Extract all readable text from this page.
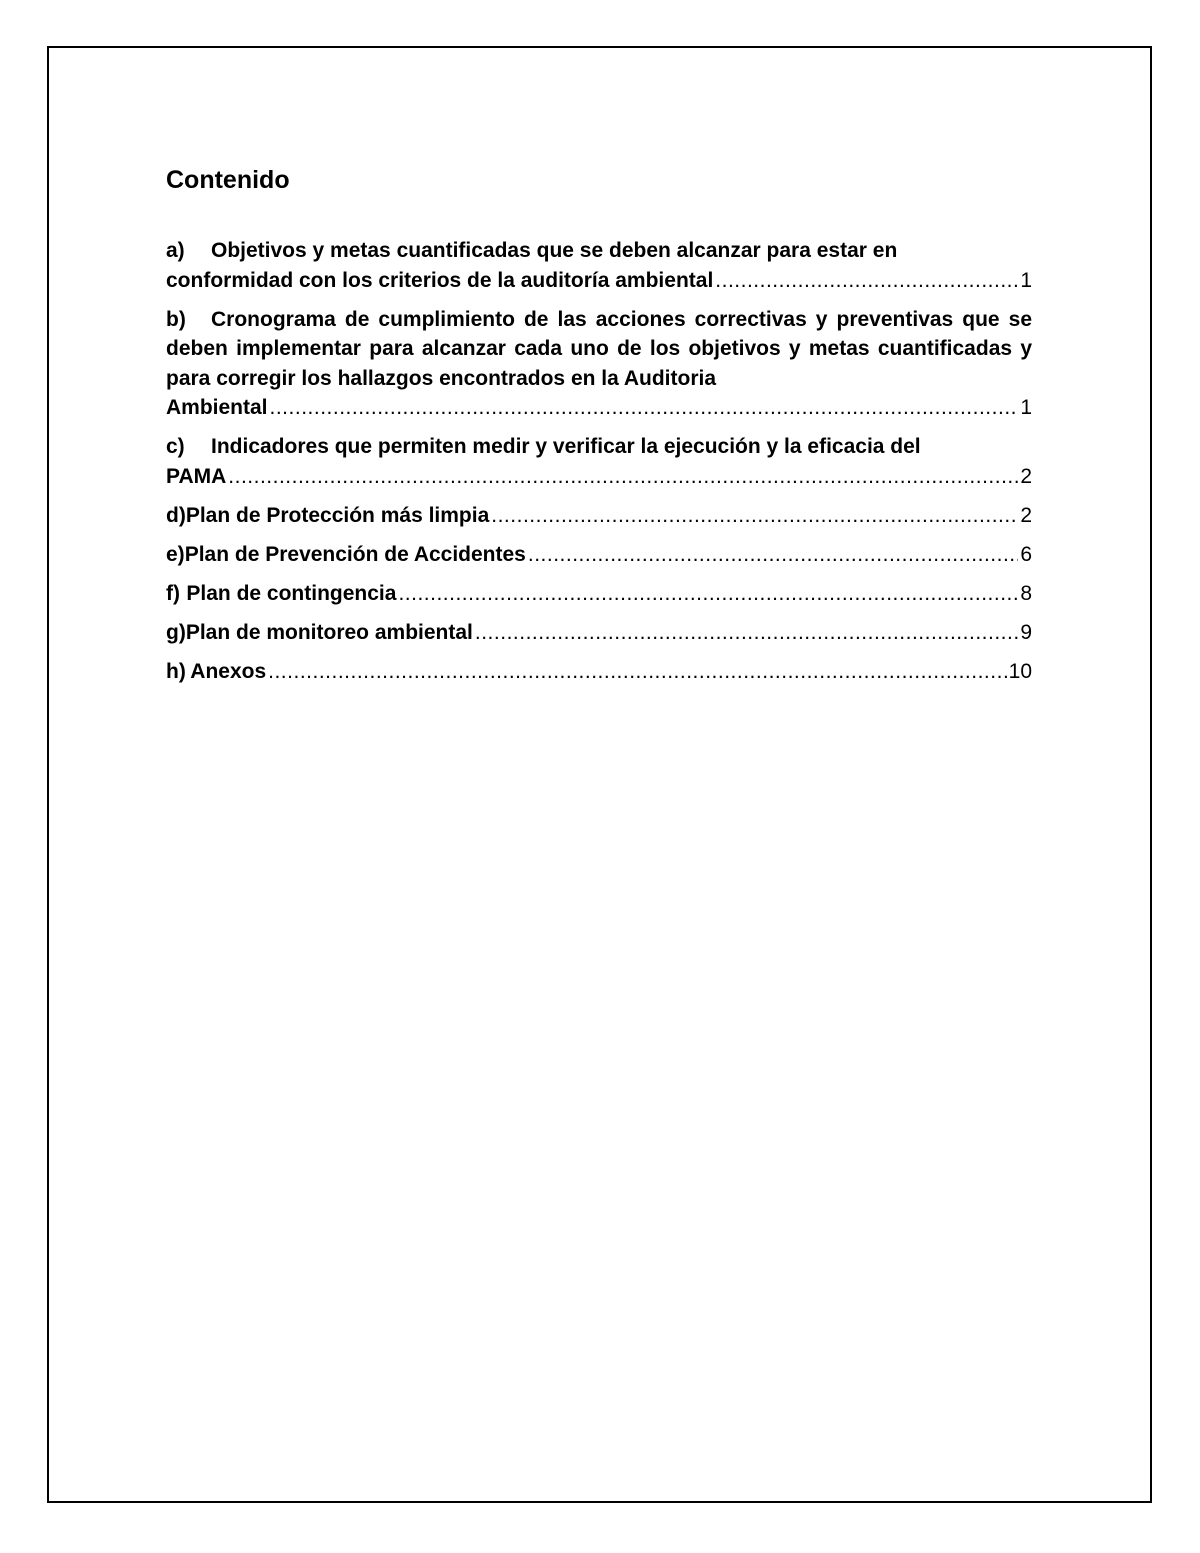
Contenido
a) Objetivos y metas cuantificadas que se deben alcanzar para estar en
conformidad con los criterios de la auditoría ambiental .....	1
b) Cronograma de cumplimiento de las acciones correctivas y preventivas que se deben implementar para alcanzar cada uno de los objetivos y metas cuantificadas y para corregir los hallazgos encontrados en la Auditoria
Ambiental .....	1
c) Indicadores que permiten medir y verificar la ejecución y la eficacia del
PAMA .....	2
d) Plan de Protección más limpia .....	2
e) Plan de Prevención de Accidentes .....	6
f) Plan de contingencia .....	8
g) Plan de monitoreo ambiental .....	9
h) Anexos .....	10
